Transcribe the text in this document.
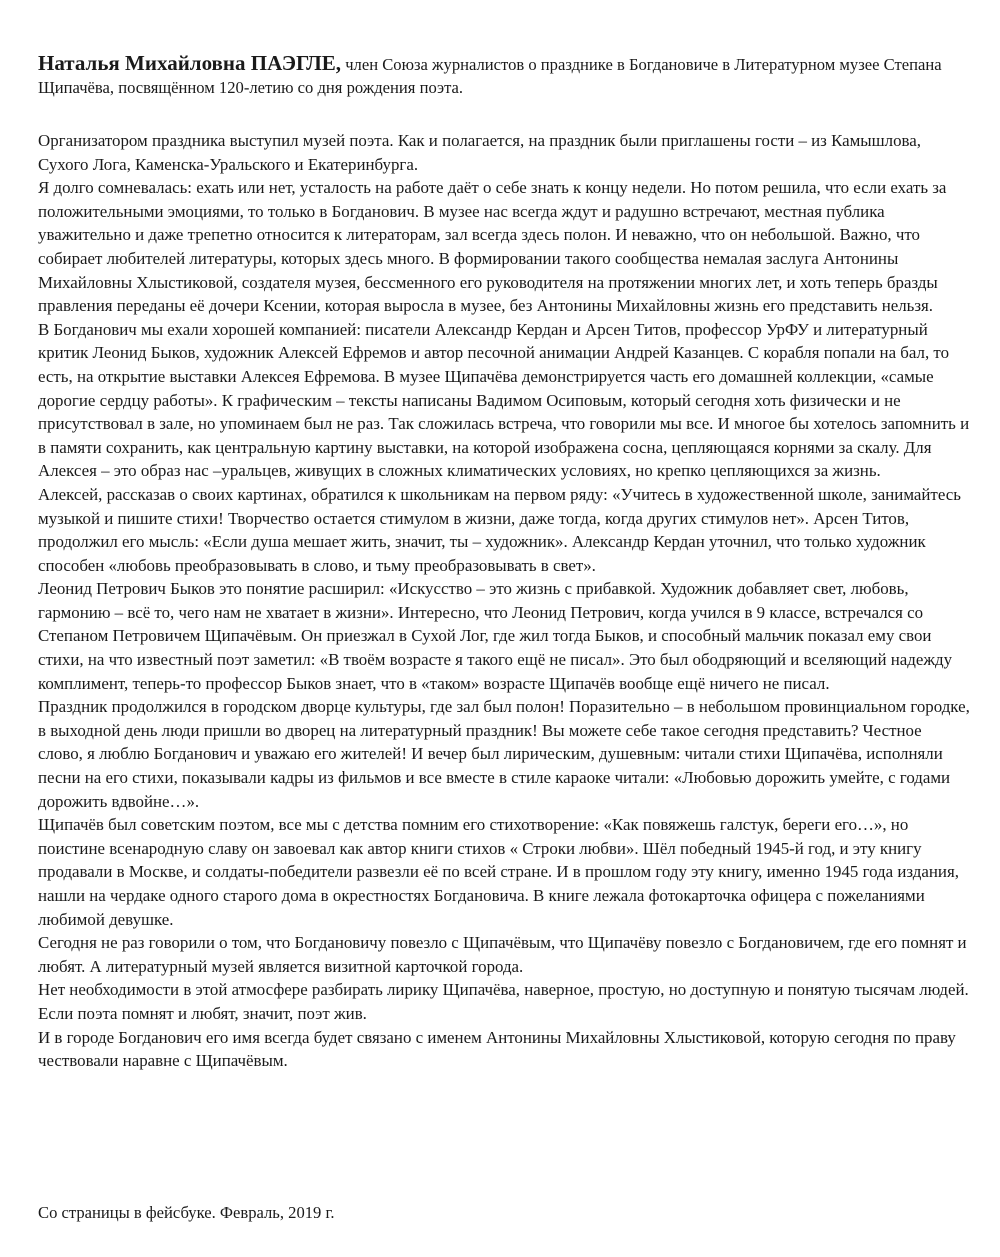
Наталья Михайловна ПАЭГЛЕ, член Союза журналистов о празднике в Богдановиче в Литературном музее Степана Щипачёва, посвящённом 120-летию со дня рождения поэта.

Организатором праздника выступил музей поэта. Как и полагается, на праздник были приглашены гости – из Камышлова, Сухого Лога, Каменска-Уральского и Екатеринбурга.

Я долго сомневалась: ехать или нет, усталость на работе даёт о себе знать к концу недели. Но потом решила, что если ехать за положительными эмоциями, то только в Богданович. В музее нас всегда ждут и радушно встречают, местная публика уважительно и даже трепетно относится к литераторам, зал всегда здесь полон. И неважно, что он небольшой. Важно, что собирает любителей литературы, которых здесь много. В формировании такого сообщества немалая заслуга Антонины Михайловны Хлыстиковой, создателя музея, бессменного его руководителя на протяжении многих лет, и хоть теперь бразды правления переданы её дочери Ксении, которая выросла в музее, без Антонины Михайловны жизнь его представить нельзя.

В Богданович мы ехали хорошей компанией: писатели Александр Кердан и Арсен Титов, профессор УрФУ и литературный критик Леонид Быков, художник Алексей Ефремов и автор песочной анимации Андрей Казанцев. С корабля попали на бал, то есть, на открытие выставки Алексея Ефремова. В музее Щипачёва демонстрируется часть его домашней коллекции, «самые дорогие сердцу работы». К графическим – тексты написаны Вадимом Осиповым, который сегодня хоть физически и не присутствовал в зале, но упоминаем был не раз. Так сложилась встреча, что говорили мы все. И многое бы хотелось запомнить и в памяти сохранить, как центральную картину выставки, на которой изображена сосна, цепляющаяся корнями за скалу. Для Алексея – это образ нас –уральцев, живущих в сложных климатических условиях, но крепко цепляющихся за жизнь.

Алексей, рассказав о своих картинах, обратился к школьникам на первом ряду: «Учитесь в художественной школе, занимайтесь музыкой и пишите стихи! Творчество остается стимулом в жизни, даже тогда, когда других стимулов нет». Арсен Титов, продолжил его мысль: «Если душа мешает жить, значит, ты – художник». Александр Кердан уточнил, что только художник способен «любовь преобразовывать в слово, и тьму преобразовывать в свет».

Леонид Петрович Быков это понятие расширил: «Искусство – это жизнь с прибавкой. Художник добавляет свет, любовь, гармонию – всё то, чего нам не хватает в жизни». Интересно, что Леонид Петрович, когда учился в 9 классе, встречался со Степаном Петровичем Щипачёвым. Он приезжал в Сухой Лог, где жил тогда Быков, и способный мальчик показал ему свои стихи, на что известный поэт заметил: «В твоём возрасте я такого ещё не писал». Это был ободряющий и вселяющий надежду комплимент, теперь-то профессор Быков знает, что в «таком» возрасте Щипачёв вообще ещё ничего не писал.

Праздник продолжился в городском дворце культуры, где зал был полон! Поразительно – в небольшом провинциальном городке, в выходной день люди пришли во дворец на литературный праздник! Вы можете себе такое сегодня представить? Честное слово, я люблю Богданович и уважаю его жителей! И вечер был лирическим, душевным: читали стихи Щипачёва, исполняли песни на его стихи, показывали кадры из фильмов и все вместе в стиле караоке читали: «Любовью дорожить умейте, с годами дорожить вдвойне…».

Щипачёв был советским поэтом, все мы с детства помним его стихотворение: «Как повяжешь галстук, береги его…», но поистине всенародную славу он завоевал как автор книги стихов « Строки любви». Шёл победный 1945-й год, и эту книгу продавали в Москве, и солдаты-победители развезли её по всей стране. И в прошлом году эту книгу, именно 1945 года издания, нашли на чердаке одного старого дома в окрестностях Богдановича. В книге лежала фотокарточка офицера с пожеланиями любимой девушке.

Сегодня не раз говорили о том, что Богдановичу повезло с Щипачёвым, что Щипачёву повезло с Богдановичем, где его помнят и любят. А литературный музей является визитной карточкой города.

Нет необходимости в этой атмосфере разбирать лирику Щипачёва, наверное, простую, но доступную и понятую тысячам людей. Если поэта помнят и любят, значит, поэт жив.

И в городе Богданович его имя всегда будет связано с именем Антонины Михайловны Хлыстиковой, которую сегодня по праву чествовали наравне с Щипачёвым.

Со страницы в фейсбуке. Февраль, 2019 г.
